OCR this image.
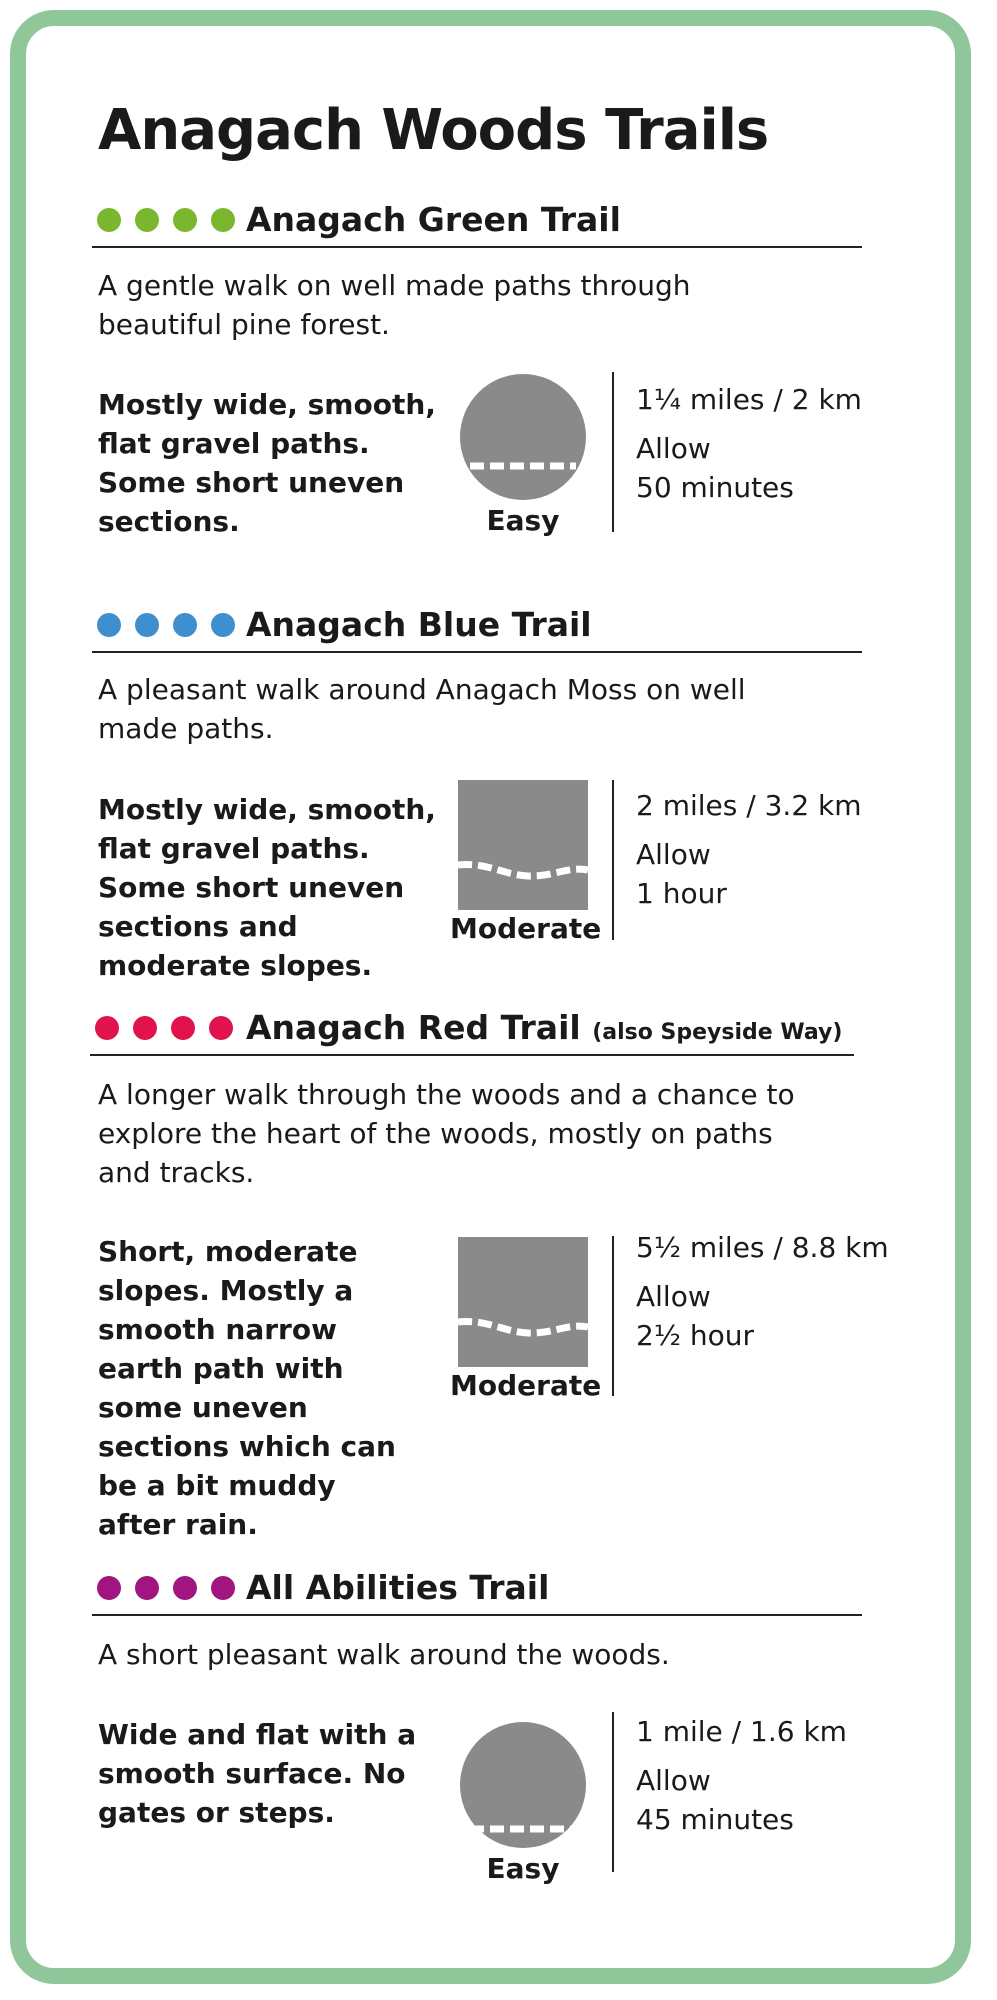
Anagach Woods Trails
Anagach Green Trail
A gentle walk on well made paths through beautiful pine forest.
Mostly wide, smooth, flat gravel paths. Some short uneven sections.	Easy
1¼ miles / 2 km
Allow
50 minutes
Anagach Blue Trail
A pleasant walk around Anagach Moss on well made paths.
Mostly wide, smooth, flat gravel paths. Some short uneven sections and moderate slopes.
Moderate
2 miles / 3.2 km
Allow
1 hour
Anagach Red Trail (also Speyside Way)
A longer walk through the woods and a chance to explore the heart of the woods, mostly on paths and tracks.
Short, moderate slopes. Mostly a smooth narrow earth path with some uneven sections which can be a bit muddy after rain.
Moderate
5½ miles / 8.8 km
Allow
2½ hour
All Abilities Trail
A short pleasant walk around the woods.
Wide and flat with a smooth surface. No gates or steps.
Easy
1 mile / 1.6 km
Allow
45 minutes
